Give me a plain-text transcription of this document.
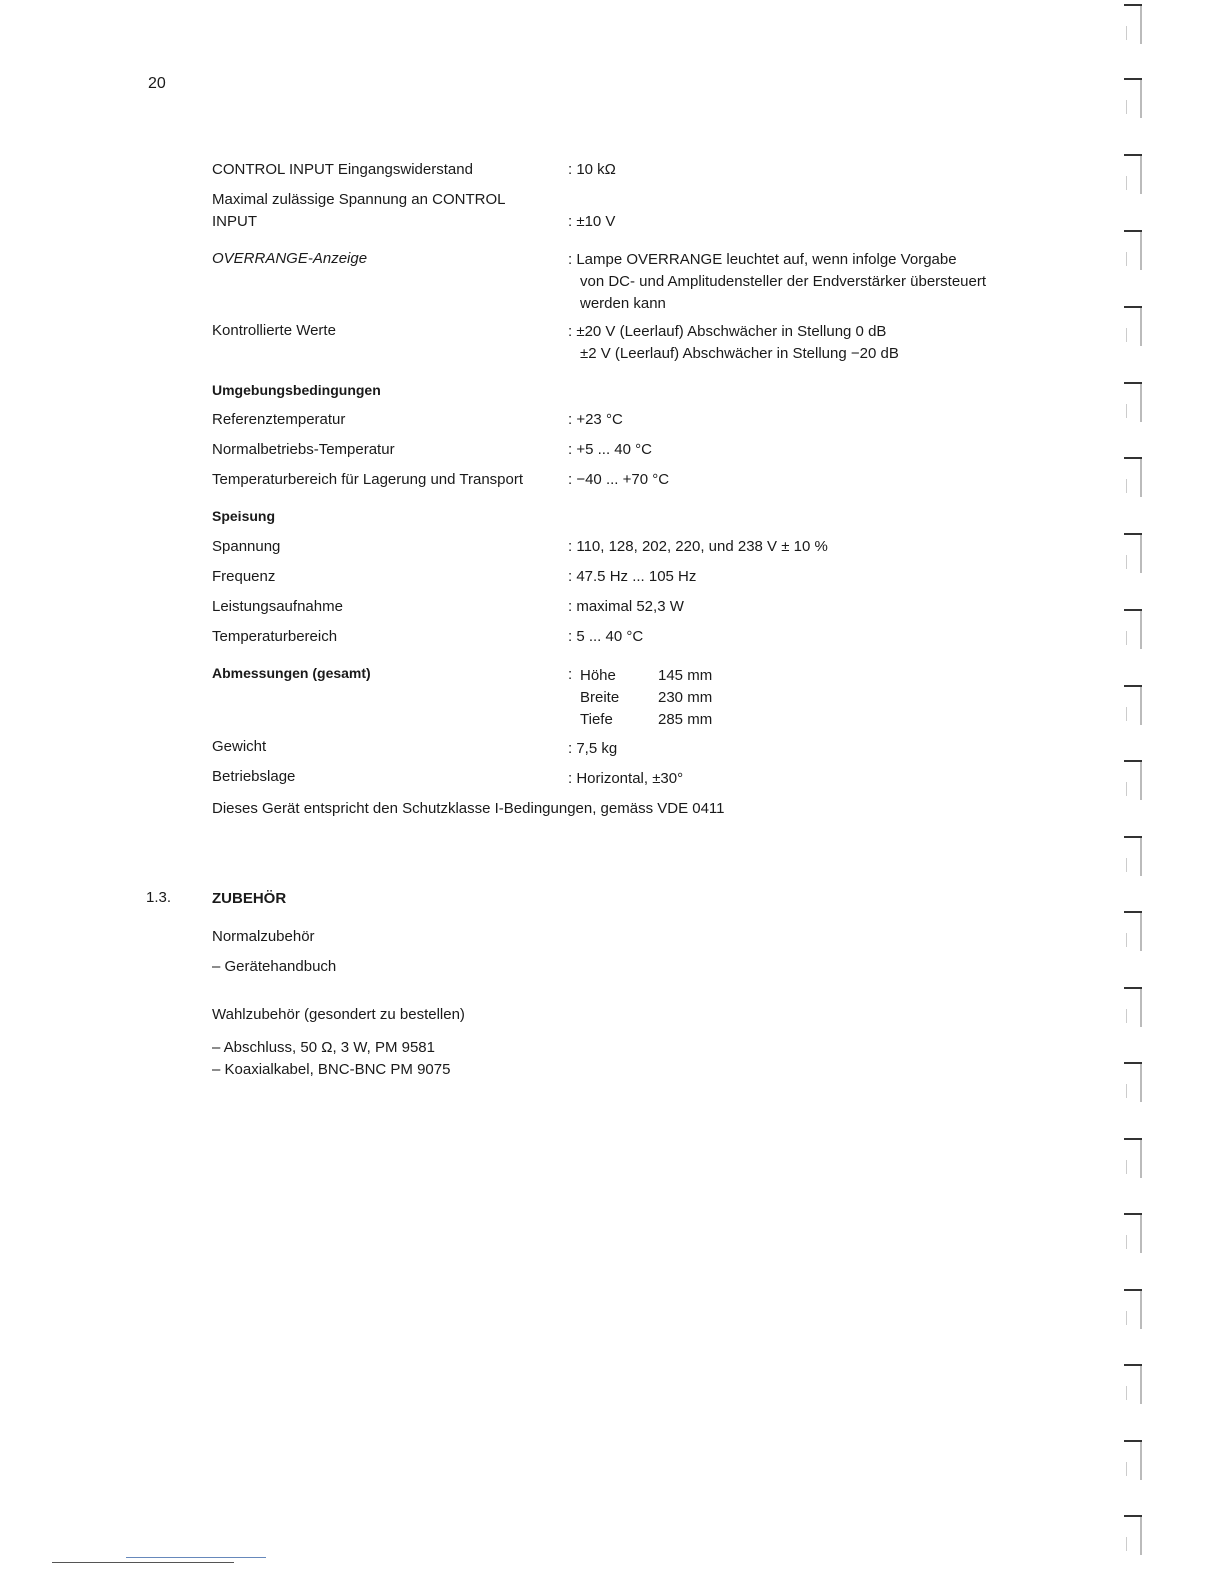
20
CONTROL INPUT Eingangswiderstand	: 10 kΩ
Maximal zulässige Spannung an CONTROL
INPUT	: ±10 V
OVERRANGE-Anzeige	: Lampe OVERRANGE leuchtet auf, wenn infolge Vorgabe
von DC- und Amplitudensteller der Endverstärker übersteuert
werden kann
Kontrollierte Werte	: ±20 V (Leerlauf) Abschwächer in Stellung 0 dB
±2 V (Leerlauf) Abschwächer in Stellung −20 dB
Umgebungsbedingungen
Referenztemperatur	: +23 °C
Normalbetriebs-Temperatur	: +5 ... 40 °C
Temperaturbereich für Lagerung und Transport	: −40 ... +70 °C
Speisung
Spannung	: 110, 128, 202, 220, und 238 V ± 10 %
Frequenz	: 47.5 Hz ... 105 Hz
Leistungsaufnahme	: maximal 52,3 W
Temperaturbereich	: 5 ... 40 °C
Abmessungen (gesamt)	: Höhe	145 mm
Breite	230 mm
Tiefe	285 mm
Gewicht	: 7,5 kg
Betriebslage	: Horizontal, ±30°
Dieses Gerät entspricht den Schutzklasse I-Bedingungen, gemäss VDE 0411
1.3.	ZUBEHÖR
Normalzubehör
– Gerätehandbuch
Wahlzubehör (gesondert zu bestellen)
– Abschluss, 50 Ω, 3 W, PM 9581
– Koaxialkabel, BNC-BNC PM 9075
